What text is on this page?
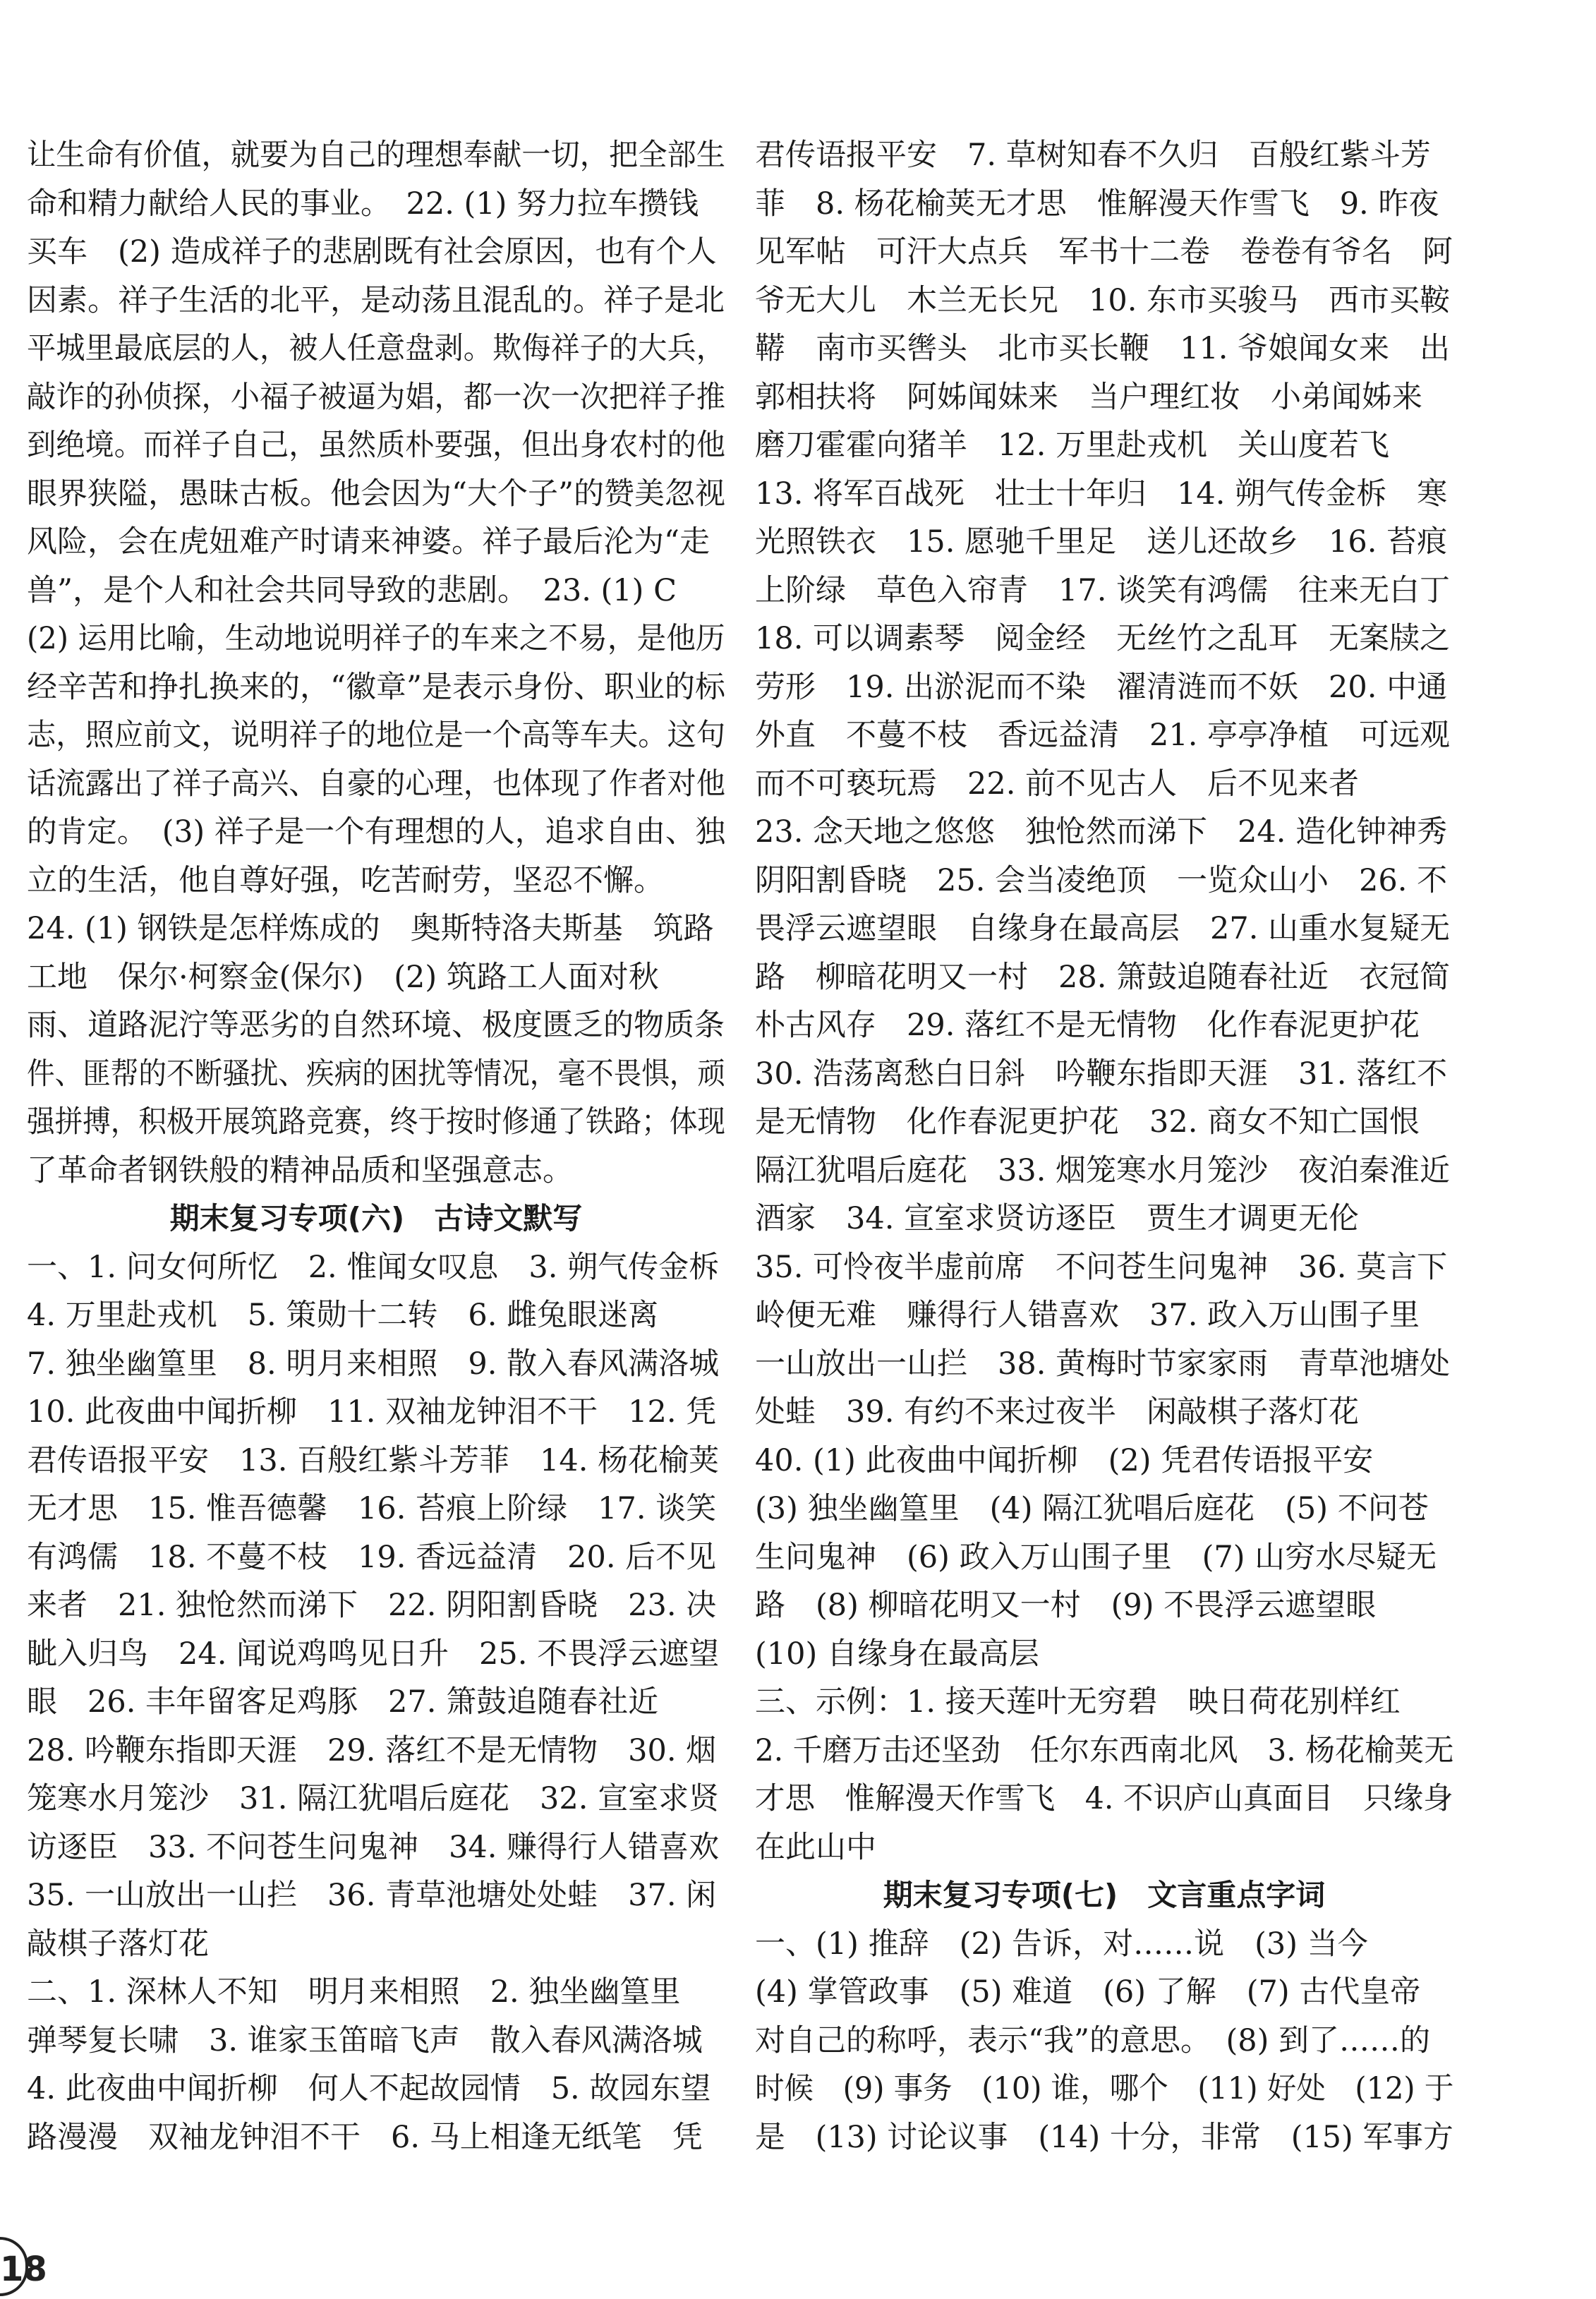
让生命有价值，就要为自己的理想奉献一切，把全部生
命和精力献给人民的事业。　22. (1) 努力拉车攒钱
买车　(2) 造成祥子的悲剧既有社会原因，也有个人
因素。祥子生活的北平，是动荡且混乱的。祥子是北
平城里最底层的人，被人任意盘剥。欺侮祥子的大兵，
敲诈的孙侦探，小福子被逼为娼，都一次一次把祥子推
到绝境。而祥子自己，虽然质朴要强，但出身农村的他
眼界狭隘，愚昧古板。他会因为“大个子”的赞美忽视
风险，会在虎妞难产时请来神婆。祥子最后沦为“走
兽”，是个人和社会共同导致的悲剧。　23. (1) C
(2) 运用比喻，生动地说明祥子的车来之不易，是他历
经辛苦和挣扎换来的，“徽章”是表示身份、职业的标
志，照应前文，说明祥子的地位是一个高等车夫。这句
话流露出了祥子高兴、自豪的心理，也体现了作者对他
的肯定。　(3) 祥子是一个有理想的人，追求自由、独
立的生活，他自尊好强，吃苦耐劳，坚忍不懈。
24. (1) 钢铁是怎样炼成的　奥斯特洛夫斯基　筑路
工地　保尔·柯察金(保尔)　(2) 筑路工人面对秋
雨、道路泥泞等恶劣的自然环境、极度匮乏的物质条
件、匪帮的不断骚扰、疾病的困扰等情况，毫不畏惧，顽
强拼搏，积极开展筑路竞赛，终于按时修通了铁路；体现
了革命者钢铁般的精神品质和坚强意志。
期末复习专项(六)　古诗文默写
一、1. 问女何所忆　2. 惟闻女叹息　3. 朔气传金柝
4. 万里赴戎机　5. 策勋十二转　6. 雌兔眼迷离
7. 独坐幽篁里　8. 明月来相照　9. 散入春风满洛城
10. 此夜曲中闻折柳　11. 双袖龙钟泪不干　12. 凭
君传语报平安　13. 百般红紫斗芳菲　14. 杨花榆荚
无才思　15. 惟吾德馨　16. 苔痕上阶绿　17. 谈笑
有鸿儒　18. 不蔓不枝　19. 香远益清　20. 后不见
来者　21. 独怆然而涕下　22. 阴阳割昏晓　23. 决
眦入归鸟　24. 闻说鸡鸣见日升　25. 不畏浮云遮望
眼　26. 丰年留客足鸡豚　27. 箫鼓追随春社近
28. 吟鞭东指即天涯　29. 落红不是无情物　30. 烟
笼寒水月笼沙　31. 隔江犹唱后庭花　32. 宣室求贤
访逐臣　33. 不问苍生问鬼神　34. 赚得行人错喜欢
35. 一山放出一山拦　36. 青草池塘处处蛙　37. 闲
敲棋子落灯花
二、1. 深林人不知　明月来相照　2. 独坐幽篁里
弹琴复长啸　3. 谁家玉笛暗飞声　散入春风满洛城
4. 此夜曲中闻折柳　何人不起故园情　5. 故园东望
路漫漫　双袖龙钟泪不干　6. 马上相逢无纸笔　凭
君传语报平安　7. 草树知春不久归　百般红紫斗芳
菲　8. 杨花榆荚无才思　惟解漫天作雪飞　9. 昨夜
见军帖　可汗大点兵　军书十二卷　卷卷有爷名　阿
爷无大儿　木兰无长兄　10. 东市买骏马　西市买鞍
鞯　南市买辔头　北市买长鞭　11. 爷娘闻女来　出
郭相扶将　阿姊闻妹来　当户理红妆　小弟闻姊来
磨刀霍霍向猪羊　12. 万里赴戎机　关山度若飞
13. 将军百战死　壮士十年归　14. 朔气传金柝　寒
光照铁衣　15. 愿驰千里足　送儿还故乡　16. 苔痕
上阶绿　草色入帘青　17. 谈笑有鸿儒　往来无白丁
18. 可以调素琴　阅金经　无丝竹之乱耳　无案牍之
劳形　19. 出淤泥而不染　濯清涟而不妖　20. 中通
外直　不蔓不枝　香远益清　21. 亭亭净植　可远观
而不可亵玩焉　22. 前不见古人　后不见来者
23. 念天地之悠悠　独怆然而涕下　24. 造化钟神秀
阴阳割昏晓　25. 会当凌绝顶　一览众山小　26. 不
畏浮云遮望眼　自缘身在最高层　27. 山重水复疑无
路　柳暗花明又一村　28. 箫鼓追随春社近　衣冠简
朴古风存　29. 落红不是无情物　化作春泥更护花
30. 浩荡离愁白日斜　吟鞭东指即天涯　31. 落红不
是无情物　化作春泥更护花　32. 商女不知亡国恨
隔江犹唱后庭花　33. 烟笼寒水月笼沙　夜泊秦淮近
酒家　34. 宣室求贤访逐臣　贾生才调更无伦
35. 可怜夜半虚前席　不问苍生问鬼神　36. 莫言下
岭便无难　赚得行人错喜欢　37. 政入万山围子里
一山放出一山拦　38. 黄梅时节家家雨　青草池塘处
处蛙　39. 有约不来过夜半　闲敲棋子落灯花
40. (1) 此夜曲中闻折柳　(2) 凭君传语报平安
(3) 独坐幽篁里　(4) 隔江犹唱后庭花　(5) 不问苍
生问鬼神　(6) 政入万山围子里　(7) 山穷水尽疑无
路　(8) 柳暗花明又一村　(9) 不畏浮云遮望眼
(10) 自缘身在最高层
三、示例：1. 接天莲叶无穷碧　映日荷花别样红
2. 千磨万击还坚劲　任尔东西南北风　3. 杨花榆荚无
才思　惟解漫天作雪飞　4. 不识庐山真面目　只缘身
在此山中
期末复习专项(七)　文言重点字词
一、(1) 推辞　(2) 告诉，对……说　(3) 当今
(4) 掌管政事　(5) 难道　(6) 了解　(7) 古代皇帝
对自己的称呼，表示“我”的意思。　(8) 到了……的
时候　(9) 事务　(10) 谁，哪个　(11) 好处　(12) 于
是　(13) 讨论议事　(14) 十分，非常　(15) 军事方
18
